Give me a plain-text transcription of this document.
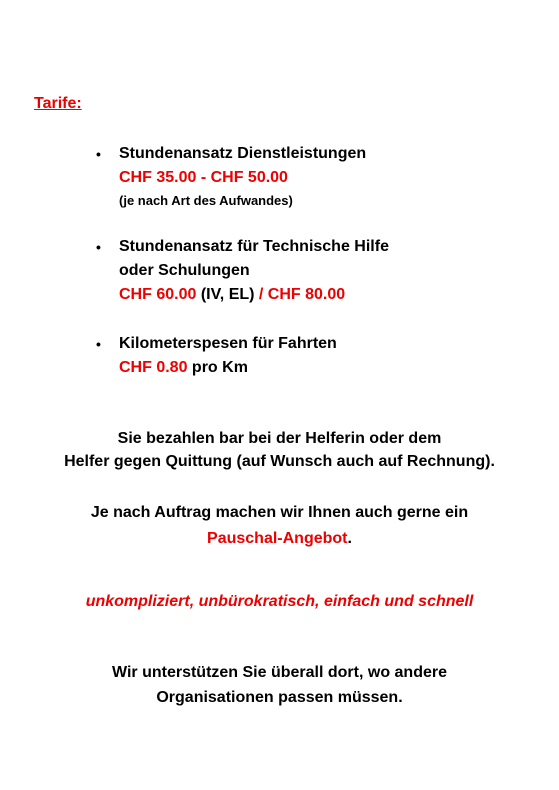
Tarife:
•	Stundenansatz Dienstleistungen
CHF 35.00 - CHF 50.00
(je nach Art des Aufwandes)
•	Stundenansatz für Technische Hilfe
oder Schulungen
CHF 60.00 (IV, EL) / CHF 80.00
•	Kilometerspesen für Fahrten
CHF 0.80 pro Km
Sie bezahlen bar bei der Helferin oder dem
Helfer gegen Quittung (auf Wunsch auch auf Rechnung).
Je nach Auftrag machen wir Ihnen auch gerne ein
Pauschal-Angebot.
unkompliziert, unbürokratisch, einfach und schnell
Wir unterstützen Sie überall dort, wo andere
Organisationen passen müssen.
